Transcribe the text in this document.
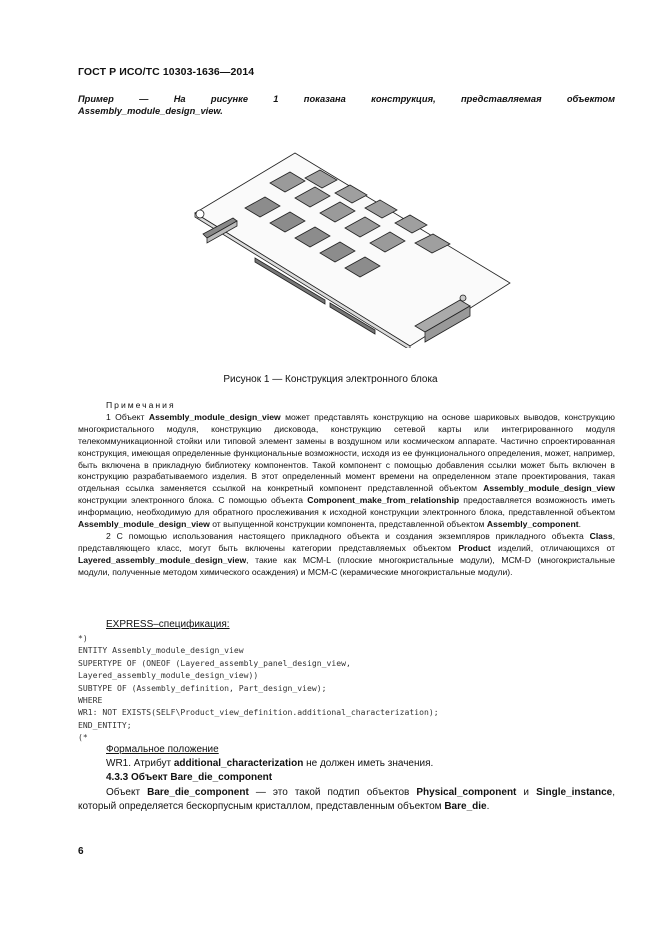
ГОСТ Р ИСО/ТС 10303-1636—2014
Пример — На рисунке 1 показана конструкция, представляемая объектом
Assembly_module_design_view.
Рисунок 1 — Конструкция электронного блока

Примечания

1 Объект Assembly_module_design_view может представлять конструкцию на основе шариковых выводов, конструкцию многокристального модуля, конструкцию дисковода, конструкцию сетевой карты или интегрированного модуля телекоммуникационной стойки или типовой элемент замены в воздушном или космическом аппарате. Частично спроектированная конструкция, имеющая определенные функциональные возможности, исходя из ее функционального определения, может, например, быть включена в прикладную библиотеку компонентов. Такой компонент с помощью добавления ссылки может быть включен в конструкцию разрабатываемого изделия. В этот определенный момент времени на определенном этапе проектирования, такая отдельная ссылка заменяется ссылкой на конкретный компонент представленной объектом Assembly_module_design_view конструкции электронного блока. С помощью объекта Component_make_from_relationship предоставляется возможность иметь информацию, необходимую для обратного прослеживания к исходной конструкции электронного блока, представленной объектом Assembly_module_design_view от выпущенной конструкции компонента, представленной объектом Assembly_component.

2 С помощью использования настоящего прикладного объекта и создания экземпляров прикладного объекта Class, представляющего класс, могут быть включены категории представляемых объектом Product изделий, отличающихся от Layered_assembly_module_design_view, такие как МСМ-L (плоские многокристальные модули), МСМ-D (многокристальные модули, полученные методом химического осаждения) и МСМ-С (керамические многокристальные модули).

EXPRESS–спецификация:
*)
ENTITY Assembly_module_design_view
SUPERTYPE OF (ONEOF (Layered_assembly_panel_design_view,
Layered_assembly_module_design_view))
SUBTYPE OF (Assembly_definition, Part_design_view);
WHERE
WR1: NOT EXISTS(SELF\Product_view_definition.additional_characterization);
END_ENTITY;
(*
Формальное положение
WR1. Атрибут additional_characterization не должен иметь значения.
4.3.3 Объект Bare_die_component

Объект Bare_die_component — это такой подтип объектов Physical_component и Single_instance, который определяется бескорпусным кристаллом, представленным объектом Bare_die.

6
